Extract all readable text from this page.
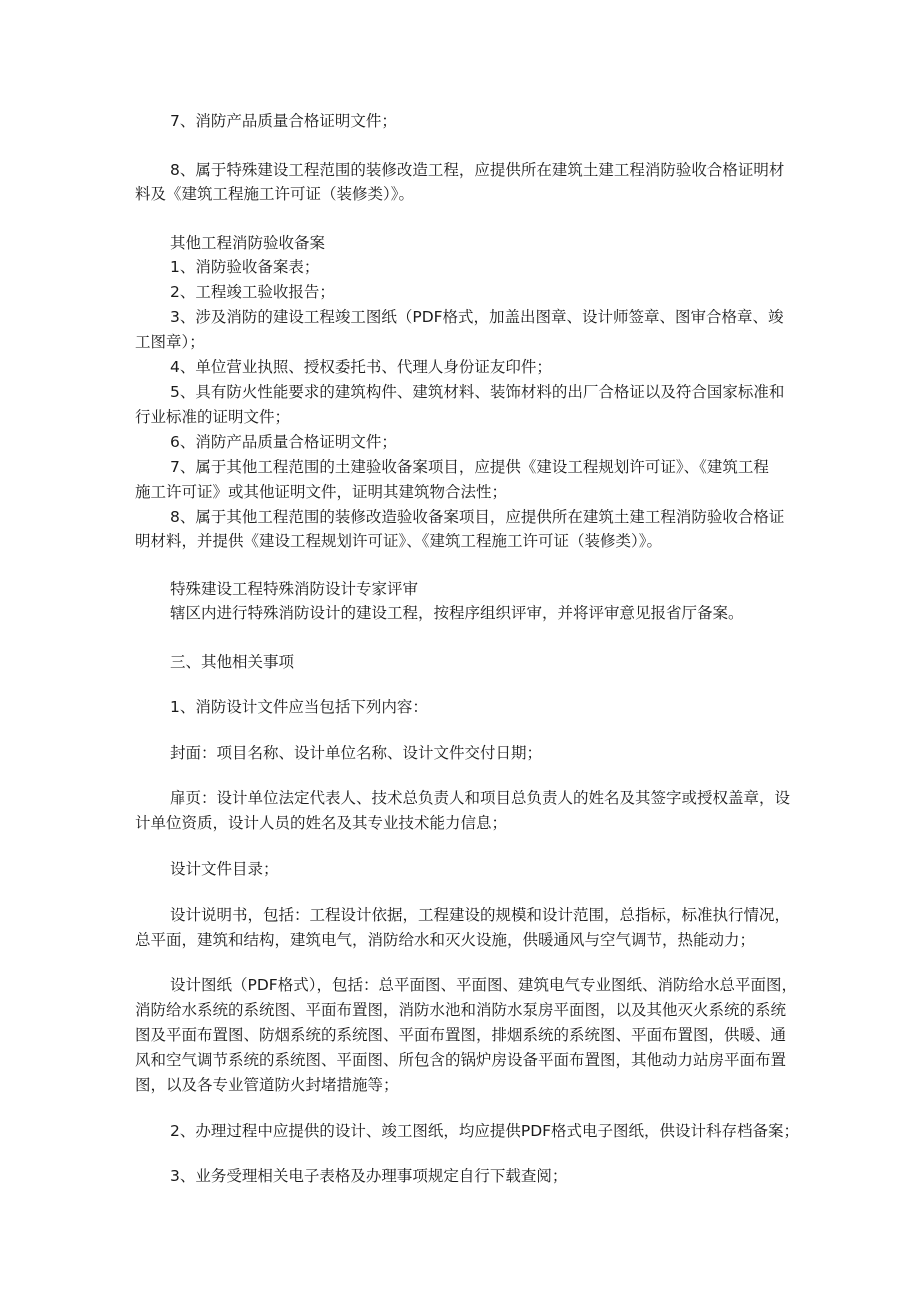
7、消防产品质量合格证明文件；

8、属于特殊建设工程范围的装修改造工程，应提供所在建筑土建工程消防验收合格证明材

料及《建筑工程施工许可证（装修类）》。

其他工程消防验收备案

1、消防验收备案表；

2、工程竣工验收报告；

3、涉及消防的建设工程竣工图纸（PDF格式，加盖出图章、设计师签章、图审合格章、竣

工图章）；

4、单位营业执照、授权委托书、代理人身份证友印件；

5、具有防火性能要求的建筑构件、建筑材料、装饰材料的出厂合格证以及符合国家标准和

行业标准的证明文件；

6、消防产品质量合格证明文件；

7、属于其他工程范围的土建验收备案项目，应提供《建设工程规划许可证》、《建筑工程

施工许可证》或其他证明文件，证明其建筑物合法性；

8、属于其他工程范围的装修改造验收备案项目，应提供所在建筑土建工程消防验收合格证

明材料，并提供《建设工程规划许可证》、《建筑工程施工许可证（装修类）》。

特殊建设工程特殊消防设计专家评审

辖区内进行特殊消防设计的建设工程，按程序组织评审，并将评审意见报省厅备案。

三、其他相关事项

1、消防设计文件应当包括下列内容：

封面：项目名称、设计单位名称、设计文件交付日期；

扉页：设计单位法定代表人、技术总负责人和项目总负责人的姓名及其签字或授权盖章，设

计单位资质，设计人员的姓名及其专业技术能力信息；

设计文件目录；

设计说明书，包括：工程设计依据，工程建设的规模和设计范围，总指标，标准执行情况，

总平面，建筑和结构，建筑电气，消防给水和灭火设施，供暖通风与空气调节，热能动力；

设计图纸（PDF格式），包括：总平面图、平面图、建筑电气专业图纸、消防给水总平面图，

消防给水系统的系统图、平面布置图，消防水池和消防水泵房平面图，以及其他灭火系统的系统

图及平面布置图、防烟系统的系统图、平面布置图，排烟系统的系统图、平面布置图，供暖、通

风和空气调节系统的系统图、平面图、所包含的锅炉房设备平面布置图，其他动力站房平面布置

图，以及各专业管道防火封堵措施等；

2、办理过程中应提供的设计、竣工图纸，均应提供PDF格式电子图纸，供设计科存档备案；

3、业务受理相关电子表格及办理事项规定自行下载查阅；
